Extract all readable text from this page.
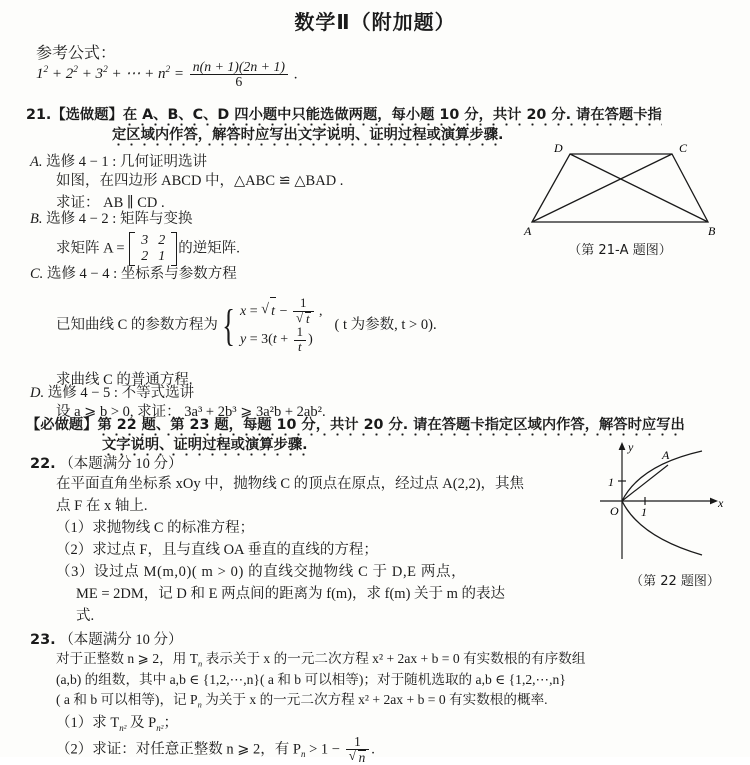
数学Ⅱ（附加题）
参考公式：
$1^2 + 2^2 + 3^2$ + ⋯ + $n^2 = \frac{n(n + 1)(2n + 1)}{6}$ .
21.【选做题】在 A、B、C、D 四小题中只能选做两题，每小题 10 分，共计 20 分. 请在答题卡指
定区域内作答，解答时应写出文字说明、证明过程或演算步骤.
A. 选修 4 − 1 : 几何证明选讲
如图，在四边形 ABCD 中，△ABC ≌ △BAD .
求证： AB ∥ CD .
B. 选修 4 − 2 : 矩阵与变换
求矩阵 A = 3	2
2	1
的逆矩阵.
C. 选修 4 − 4 : 坐标系与参数方程
已知曲线 C 的参数方程为 { x = √ t − 1
√ t ,
$y = 3(t + \frac{1}{t}$ )
( t 为参数, t > 0).
求曲线 C 的普通方程.
D. 选修 4 − 5 : 不等式选讲
设 a ⩾ b > 0, 求证： 3a³ + 2b³ ⩾ 3a²b + 2ab².
A	B
C
D
（第 21-A 题图）
【必做题】第 22 题、第 23 题，每题 10 分，共计 20 分. 请在答题卡指定区域内作答，解答时应写出
文字说明、证明过程或演算步骤.
22. （本题满分 10 分）
在平面直角坐标系 xOy 中，抛物线 C 的顶点在原点，经过点 A(2,2)，其焦
点 F 在 x 轴上.
（1）求抛物线 C 的标准方程；
（2）求过点 F，且与直线 OA 垂直的直线的方程；
（3）设过点 M(m,0)( m > 0) 的直线交抛物线 C 于 D,E 两点，
ME = 2DM，记 D 和 E 两点间的距离为 f(m)，求 f(m) 关于 m 的表达
式.
y
x
O
1
1
A
（第 22 题图）
23. （本题满分 10 分）
对于正整数 n ⩾ 2，用 $T_n$ 表示关于 x 的一元二次方程 x² + 2ax + b = 0 有实数根的有序数组
(a,b) 的组数，其中 a,b ∈ {1,2,⋯,n}( a 和 b 可以相等)；对于随机选取的 a,b ∈ {1,2,⋯,n}
( a 和 b 可以相等)，记 $P_n$ 为关于 x 的一元二次方程 x² + 2ax + b = 0 有实数根的概率.
（1）求 $T_{n^2}$ 及 $P_{n^2}$；
（2）求证：对任意正整数 n ⩾ 2，有 $P_n > 1 - 1$
√ n .
